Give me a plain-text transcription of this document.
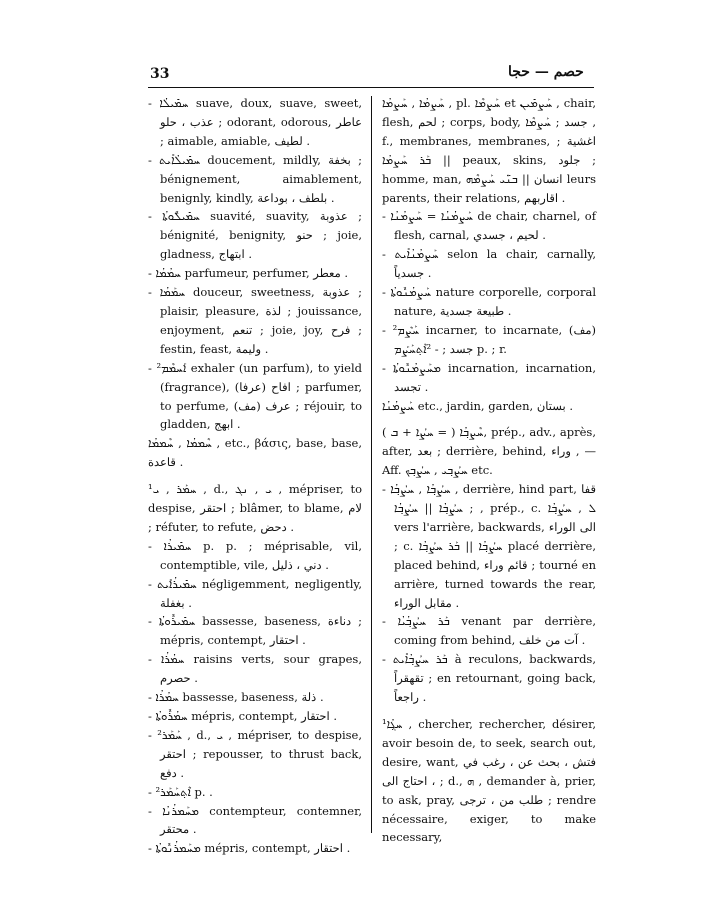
33	حصم — حجا

- ܚܡܺܝܠܳܐ suave, doux, suave, sweet, عذب ، حلو ; odorant, odorous, عاطر ; aimable, amiable, لطيف .

- ܚܡܺܝܠܳܐܺܝܬ doucement, mildly, بخفة ; bénignement, aimablement, benignly, kindly, بلطف ، بوداعة .

- ܚܡܺܝܠܽܘܬܳܐ suavité, suavity, عذوبة ; bénignité, benignity, حنو ; joie, gladness, ابتهاج .

- ܚܡܳܡܳܐ parfumeur, perfumer, معطر .

- ܚܡܰܡܳܐ douceur, sweetness, عذوبة ; plaisir, pleasure, لذة ; jouissance, enjoyment, تنعم ; joie, joy, فرح ; festin, feast, وليمة .

- ²ܐܰܚܡܶܡ exhaler (un parfum), to yield (fragrance), افاح (عرفا) ; parfumer, to perfume, (مف) عرف ; réjouir, to gladden, ابهج .

ܚܶܡܡܳܐ , ܚܶܡܡܳܐ , etc., βάσις, base, base, قاعدة .

¹ܚܡܰܪ , ܝ , d., ܝ , ܢܓ , mépriser, to despise, احتقر ; blâmer, to blame, لام ; réfuter, to refute, دحض .

- ܚܡܺܝܪܳܐ p. p. ; méprisable, vil, contemptible, vile, دني ، ذليل .

- ܚܡܺܝܪܳܐܺܝܬ négligemment, negligently, بغفلة .

- ܚܡܺܝܪܽܘܬܳܐ bassesse, baseness, دناءة ; mépris, contempt, احتقار .

- ܚܡܳܪܳܐ raisins verts, sour grapes, حصرم .

- ܚܡܳܪܳܐ bassesse, baseness, ذلة .

- ܚܡܳܪܽܘܬܳܐ mépris, contempt, احتقار .

- ²ܚܰܡܰܪ , d., ܝ , mépriser, to despise, احتقر ; repousser, to thrust back, دفع .

- ²ܐܶܬ݂ܚܰܡܰܪ p. .

- ܡܚܰܡܪܳܢܳܐ contempteur, contemner, محتقر .

- ܡܚܰܡܪܳܢܽܘܬܳܐ mépris, contempt, احتقار .

ܚܰܨܡܳܐ , ܚܰܨܡܳܐ , pl. ܚܰܨܡܶܐ et ܚܰܨܡܺܝܢ , chair, flesh, لحم ; corps, body, جسد ; ܚܰܨܡܶܐ , f., membranes, membranes, اغشية ; ܒܰܪ ܚܰܨܡܳܐ || peaux, skins, جلود ; homme, man, انسان || ܒܢ̈ܰܝ ܚܰܨܡܶܗ leurs parents, their relations, اقاربهم .

- ܚܰܨܡܳܢܳܐ = ܚܰܨܡܳܢܳܐ de chair, charnel, of flesh, carnal, لحيم ، جسدي .

- ܚܰܨܡܳܢܳܐܺܝܬ selon la chair, carnally, جسدياً .

- ܚܰܨܡܳܢܽܘܬܳܐ nature corporelle, corporal nature, طبيعة جسدية .

- ²ܚܰܨܶܡ incarner, to incarnate, (مف) جسد ; - ²ܐܶܬ݂ܚܰܨܰܡ p. ; r.

- ܡܚܰܨܡܳܢܽܘܬܳܐ incarnation, incarnation, تجسد .

ܚܰܨܡܳܢܳܐ etc., jardin, garden, بستان .

ܚܶܨܒ݂ܳܐ ( = ܚܨܳܐ + ܒ ), prép., adv., après, after, بعد ; derrière, behind, وراء , — Aff. ܚܨܳܒ݂ܝ , ܚܨܳܒ݂ܟ etc.

- ܚܨܳܒ݂ܳܐ , ܚܨܳܒ݂ܳܐ , derrière, hind part, قفا ; ܚܨܳܒ݂ܳܐ || ܚܨܳܒ݂ܳܐ , prép., c. ܠ , ܚܨܳܒ݂ܳܐ vers l'arrière, backwards, الى الوراء ; c. ܚܨܳܒ݂ܳܐ || ܒܰܪ ܚܨܳܒ݂ܳܐ placé derrière, placed behind, قائم وراء ; tourné en arrière, turned towards the rear, مقابل الوراء .

- ܒܰܪ ܚܨܳܒ݂ܳܝܳܐ venant par derrière, coming from behind, آت من خلف .

- ܒܰܪ ܚܨܳܒ݂ܳܐܺܝܬ à reculons, backwards, تقهقراً ; en retournant, going back, راجعاً .

¹ܚܓ݂ܳܐ , chercher, rechercher, désirer, avoir besoin de, to seek, search out, desire, want, فتش ، بحث عن ، رغب في ، احتاج الى ; d., ܗ , demander à, prier, to ask, pray, طلب من ، ترجى ; rendre nécessaire, exiger, to make necessary,
